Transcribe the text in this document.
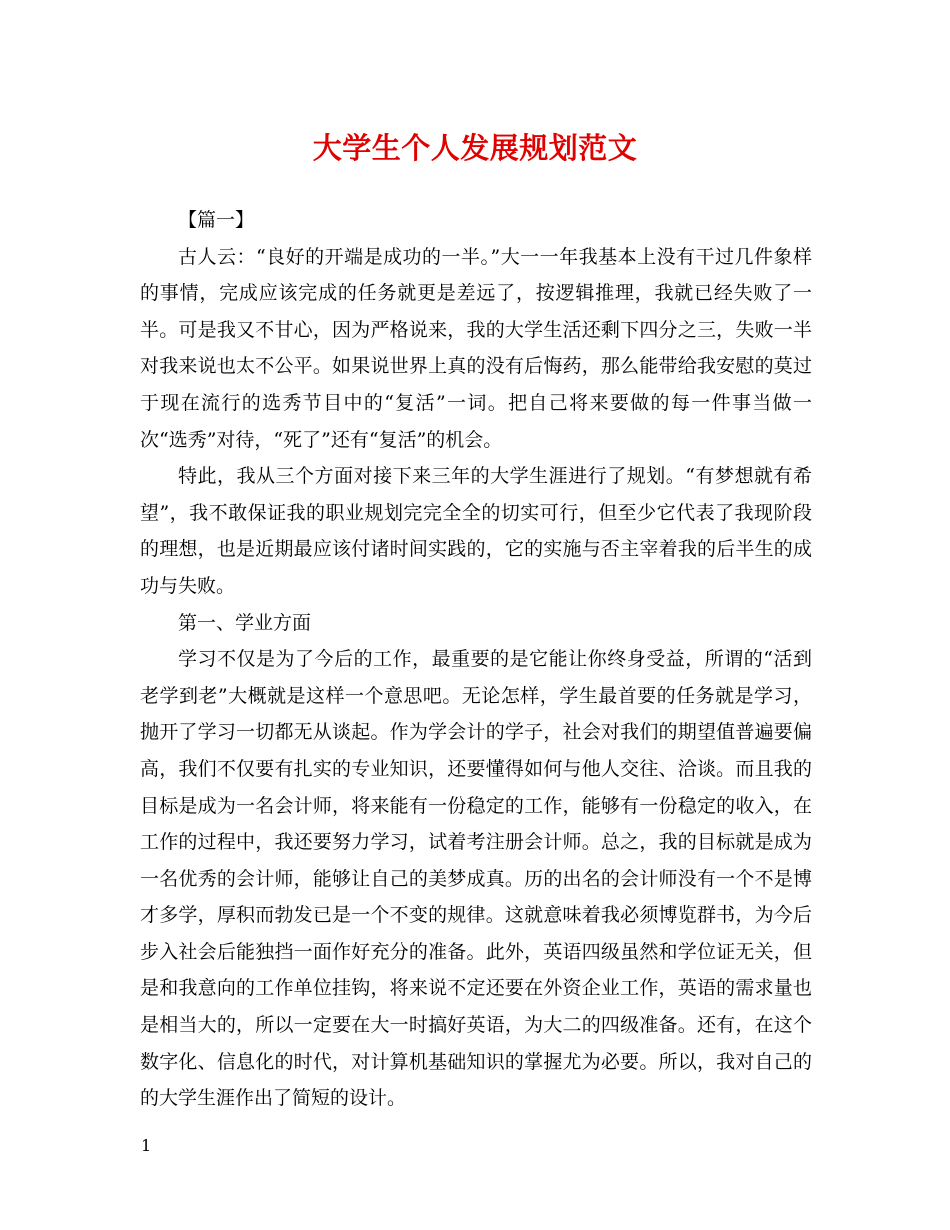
大学生个人发展规划范文

【篇一】

古人云：“良好的开端是成功的一半。”大一一年我基本上没有干过几件象样的事情，完成应该完成的任务就更是差远了，按逻辑推理，我就已经失败了一半。可是我又不甘心，因为严格说来，我的大学生活还剩下四分之三，失败一半对我来说也太不公平。如果说世界上真的没有后悔药，那么能带给我安慰的莫过于现在流行的选秀节目中的“复活”一词。把自己将来要做的每一件事当做一次“选秀”对待，“死了”还有“复活”的机会。

特此，我从三个方面对接下来三年的大学生涯进行了规划。“有梦想就有希望”，我不敢保证我的职业规划完完全全的切实可行，但至少它代表了我现阶段的理想，也是近期最应该付诸时间实践的，它的实施与否主宰着我的后半生的成功与失败。

第一、学业方面

学习不仅是为了今后的工作，最重要的是它能让你终身受益，所谓的“活到老学到老”大概就是这样一个意思吧。无论怎样，学生最首要的任务就是学习，抛开了学习一切都无从谈起。作为学会计的学子，社会对我们的期望值普遍要偏高，我们不仅要有扎实的专业知识，还要懂得如何与他人交往、洽谈。而且我的目标是成为一名会计师，将来能有一份稳定的工作，能够有一份稳定的收入，在工作的过程中，我还要努力学习，试着考注册会计师。总之，我的目标就是成为一名优秀的会计师，能够让自己的美梦成真。历的出名的会计师没有一个不是博才多学，厚积而勃发已是一个不变的规律。这就意味着我必须博览群书，为今后步入社会后能独挡一面作好充分的准备。此外，英语四级虽然和学位证无关，但是和我意向的工作单位挂钩，将来说不定还要在外资企业工作，英语的需求量也是相当大的，所以一定要在大一时搞好英语，为大二的四级准备。还有，在这个数字化、信息化的时代，对计算机基础知识的掌握尤为必要。所以，我对自己的的大学生涯作出了简短的设计。

1
